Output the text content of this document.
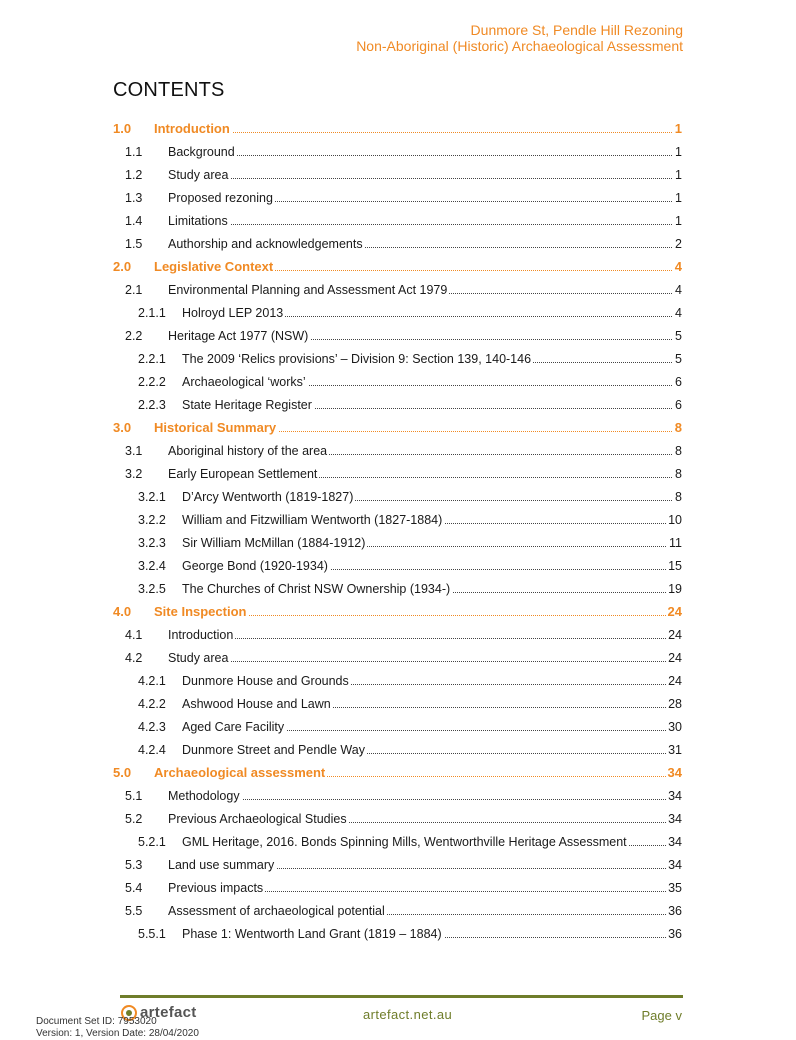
Dunmore St, Pendle Hill Rezoning
Non-Aboriginal (Historic) Archaeological Assessment
CONTENTS
1.0 Introduction	1
1.1 Background	1
1.2 Study area	1
1.3 Proposed rezoning	1
1.4 Limitations	1
1.5 Authorship and acknowledgements	2
2.0 Legislative Context	4
2.1 Environmental Planning and Assessment Act 1979	4
2.1.1 Holroyd LEP 2013	4
2.2 Heritage Act 1977 (NSW)	5
2.2.1 The 2009 ‘Relics provisions’ – Division 9: Section 139, 140-146	5
2.2.2 Archaeological ‘works’	6
2.2.3 State Heritage Register	6
3.0 Historical Summary	8
3.1 Aboriginal history of the area	8
3.2 Early European Settlement	8
3.2.1 D’Arcy Wentworth (1819-1827)	8
3.2.2 William and Fitzwilliam Wentworth (1827-1884)	10
3.2.3 Sir William McMillan (1884-1912)	11
3.2.4 George Bond (1920-1934)	15
3.2.5 The Churches of Christ NSW Ownership (1934-)	19
4.0 Site Inspection	24
4.1 Introduction	24
4.2 Study area	24
4.2.1 Dunmore House and Grounds	24
4.2.2 Ashwood House and Lawn	28
4.2.3 Aged Care Facility	30
4.2.4 Dunmore Street and Pendle Way	31
5.0 Archaeological assessment	34
5.1 Methodology	34
5.2 Previous Archaeological Studies	34
5.2.1 GML Heritage, 2016. Bonds Spinning Mills, Wentworthville Heritage Assessment	34
5.3 Land use summary	34
5.4 Previous impacts	35
5.5 Assessment of archaeological potential	36
5.5.1 Phase 1: Wentworth Land Grant (1819 – 1884)	36
artefact	artefact.net.au	Page v
Document Set ID: 7953020
Version: 1, Version Date: 28/04/2020
